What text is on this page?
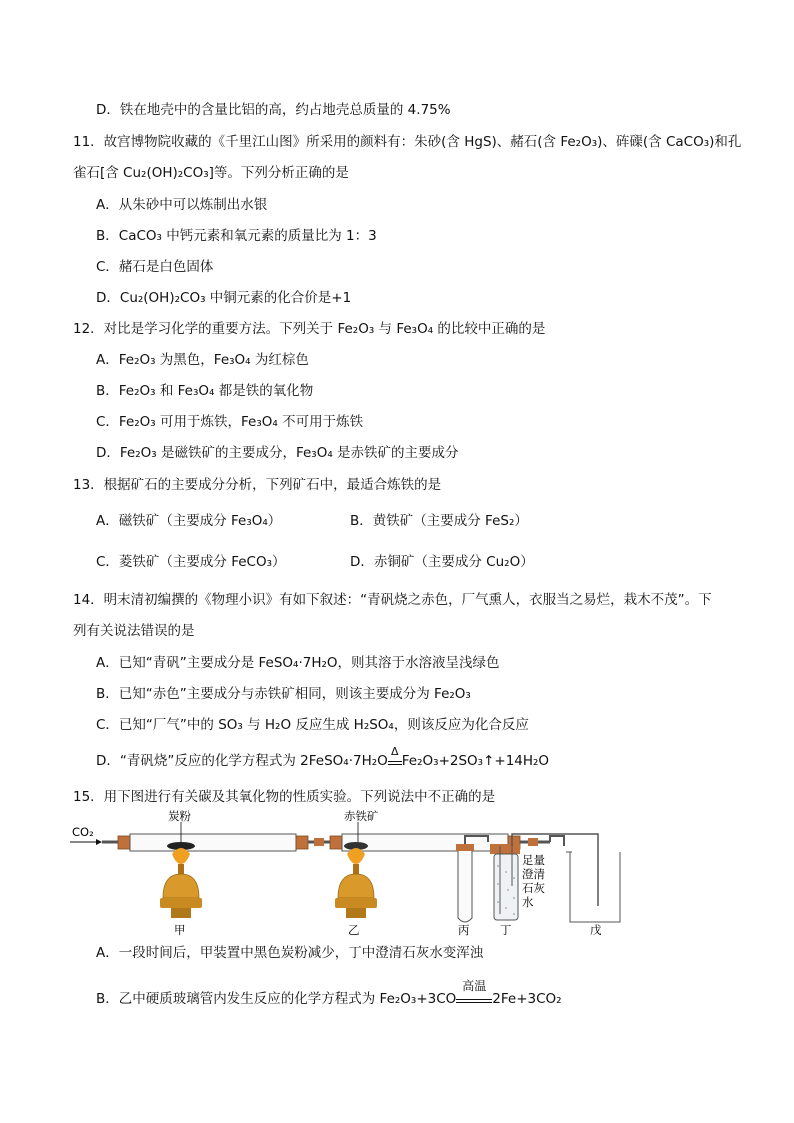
D．铁在地壳中的含量比铝的高，约占地壳总质量的 4.75%
11．故宫博物院收藏的《千里江山图》所采用的颜料有：朱砂(含 HgS)、赭石(含 Fe₂O₃)、砗磲(含 CaCO₃)和孔
雀石[含 Cu₂(OH)₂CO₃]等。下列分析正确的是
A．从朱砂中可以炼制出水银
B．CaCO₃ 中钙元素和氧元素的质量比为 1：3
C．赭石是白色固体
D．Cu₂(OH)₂CO₃ 中铜元素的化合价是+1
12．对比是学习化学的重要方法。下列关于 Fe₂O₃ 与 Fe₃O₄ 的比较中正确的是
A．Fe₂O₃ 为黑色，Fe₃O₄ 为红棕色
B．Fe₂O₃ 和 Fe₃O₄ 都是铁的氧化物
C．Fe₂O₃ 可用于炼铁，Fe₃O₄ 不可用于炼铁
D．Fe₂O₃ 是磁铁矿的主要成分，Fe₃O₄ 是赤铁矿的主要成分
13．根据矿石的主要成分分析，下列矿石中，最适合炼铁的是
A．磁铁矿（主要成分 Fe₃O₄）	B．黄铁矿（主要成分 FeS₂）
C．菱铁矿（主要成分 FeCO₃）	D．赤铜矿（主要成分 Cu₂O）
14．明末清初编撰的《物理小识》有如下叙述：“青矾烧之赤色，厂气熏人，衣服当之易烂，栽木不茂”。下
列有关说法错误的是
A．已知“青矾”主要成分是 FeSO₄·7H₂O，则其溶于水溶液呈浅绿色
B．已知“赤色”主要成分与赤铁矿相同，则该主要成分为 Fe₂O₃
C．已知“厂气”中的 SO₃ 与 H₂O 反应生成 H₂SO₄，则该反应为化合反应
D．“青矾烧”反应的化学方程式为 2FeSO₄·7H₂O
Δ
Fe₂O₃+2SO₃↑+14H₂O
15．用下图进行有关碳及其氧化物的性质实验。下列说法中不正确的是
CO₂
炭粉
甲
赤铁矿
乙	丙
足量
澄清
石灰
水
丁	戊
A．一段时间后，甲装置中黑色炭粉减少，丁中澄清石灰水变浑浊
B．乙中硬质玻璃管内发生反应的化学方程式为 Fe₂O₃+3CO
高温
2Fe+3CO₂
